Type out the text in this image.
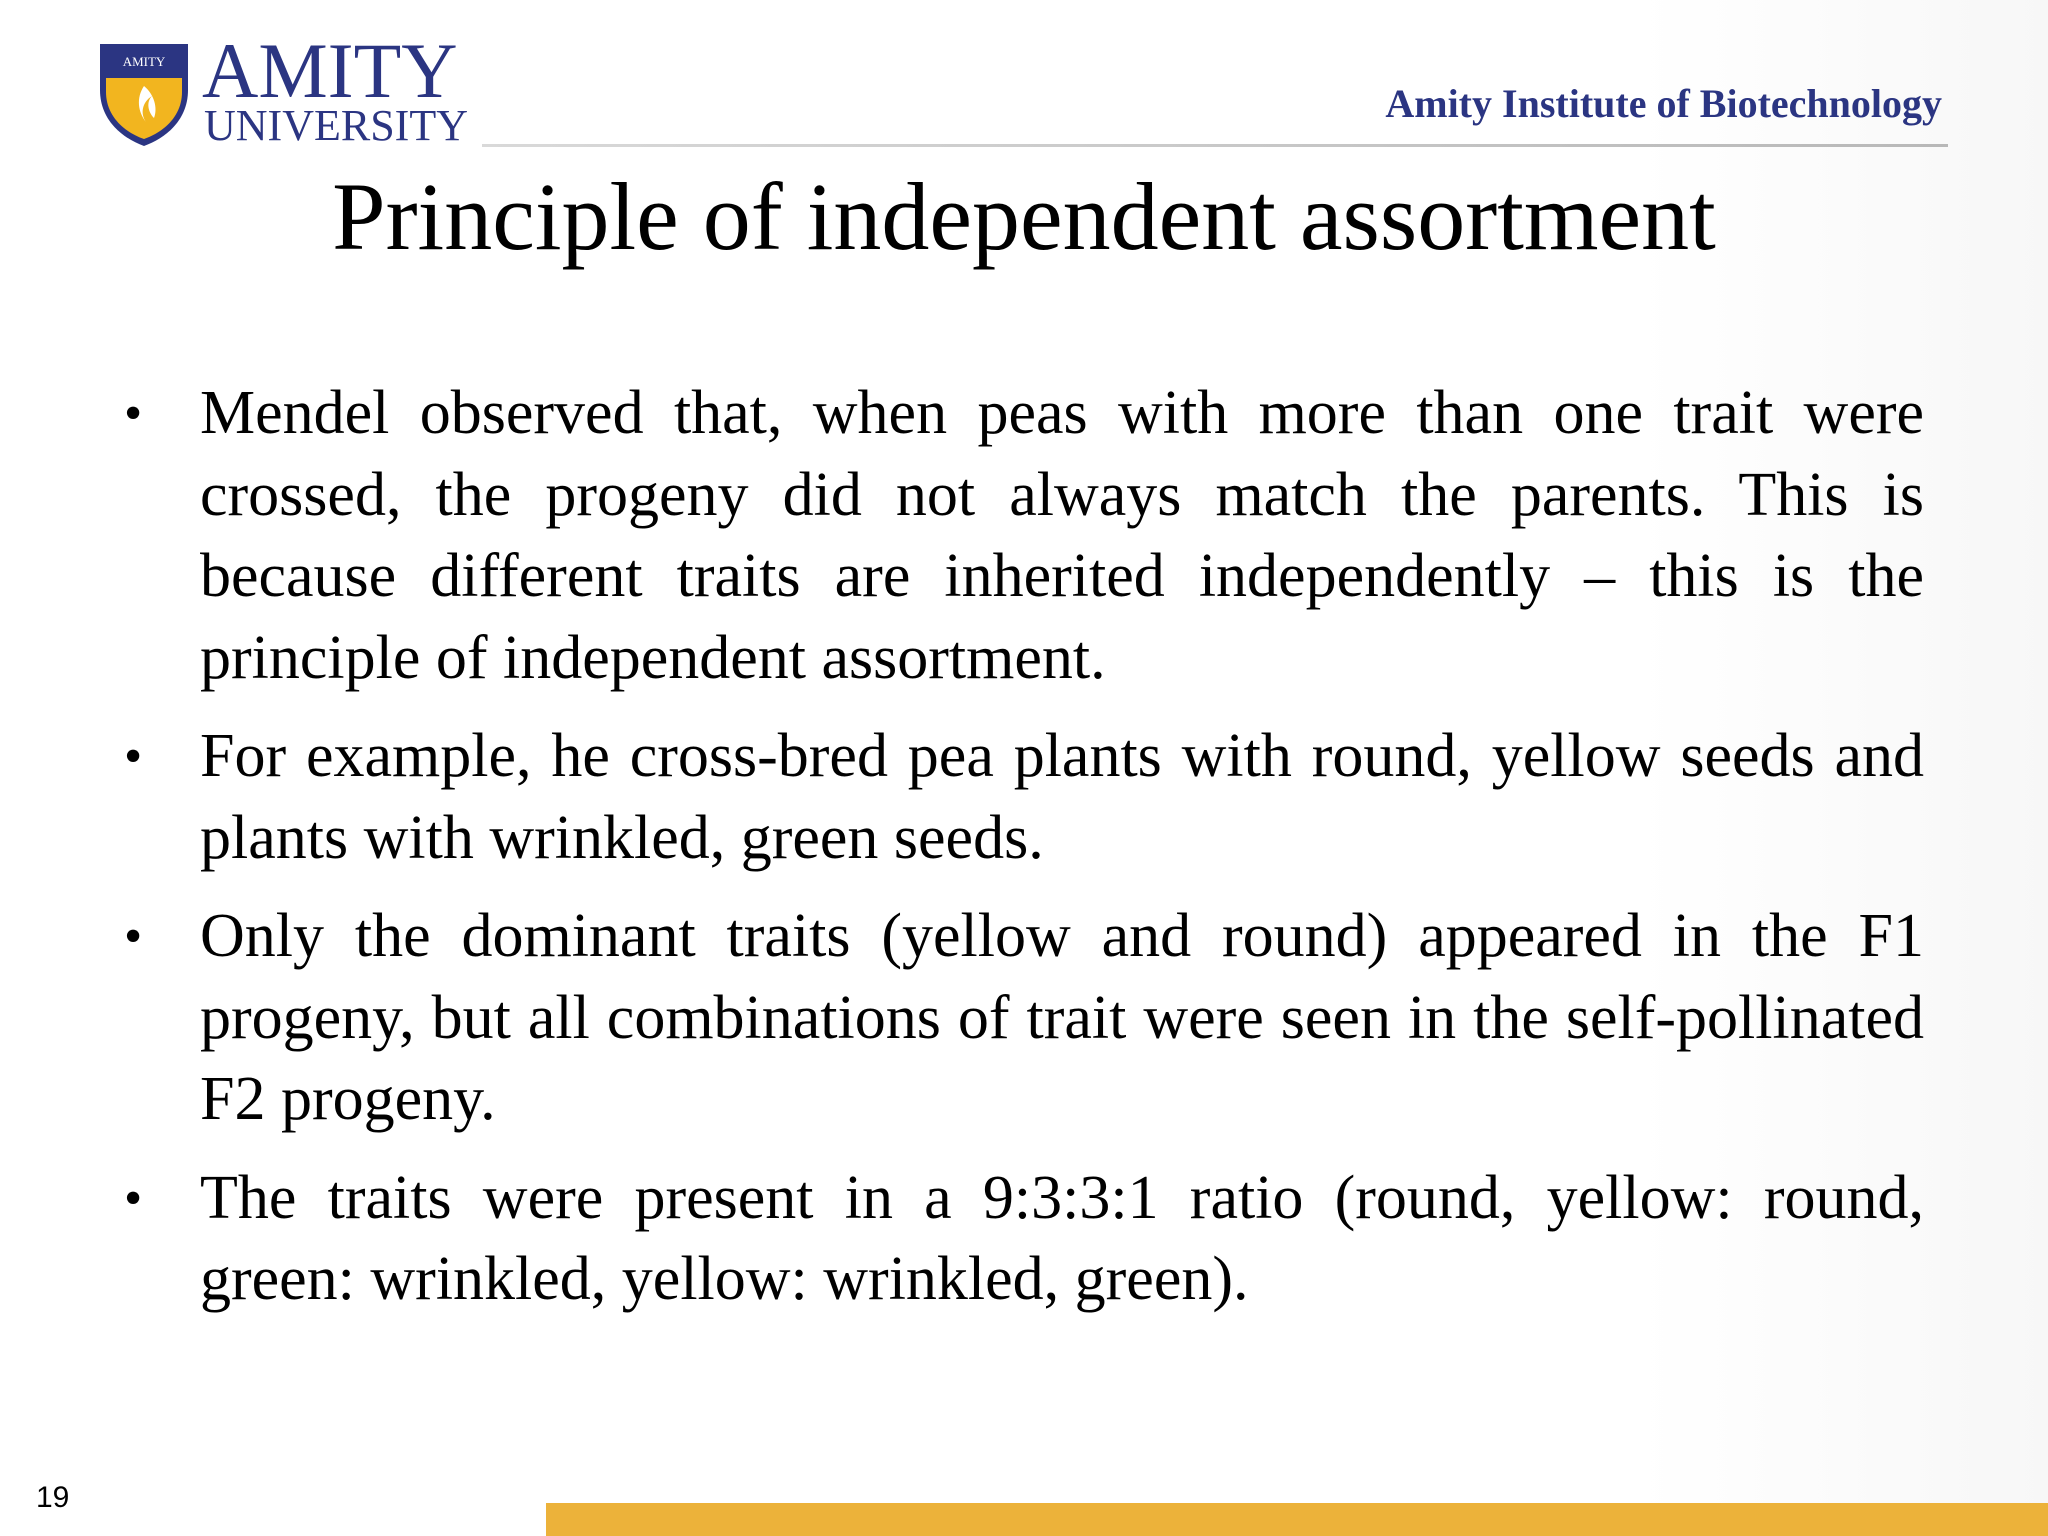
AMITY AMITY
UNIVERSITY	Amity Institute of Biotechnology
Principle of independent assortment
• Mendel observed that, when peas with more than one trait were crossed, the progeny did not always match the parents. This is because different traits are inherited independently – this is the principle of independent assortment.
• For example, he cross-bred pea plants with round, yellow seeds and plants with wrinkled, green seeds.
• Only the dominant traits (yellow and round) appeared in the F1 progeny, but all combinations of trait were seen in the self-pollinated F2 progeny.
• The traits were present in a 9:3:3:1 ratio (round, yellow: round, green: wrinkled, yellow: wrinkled, green).
19
